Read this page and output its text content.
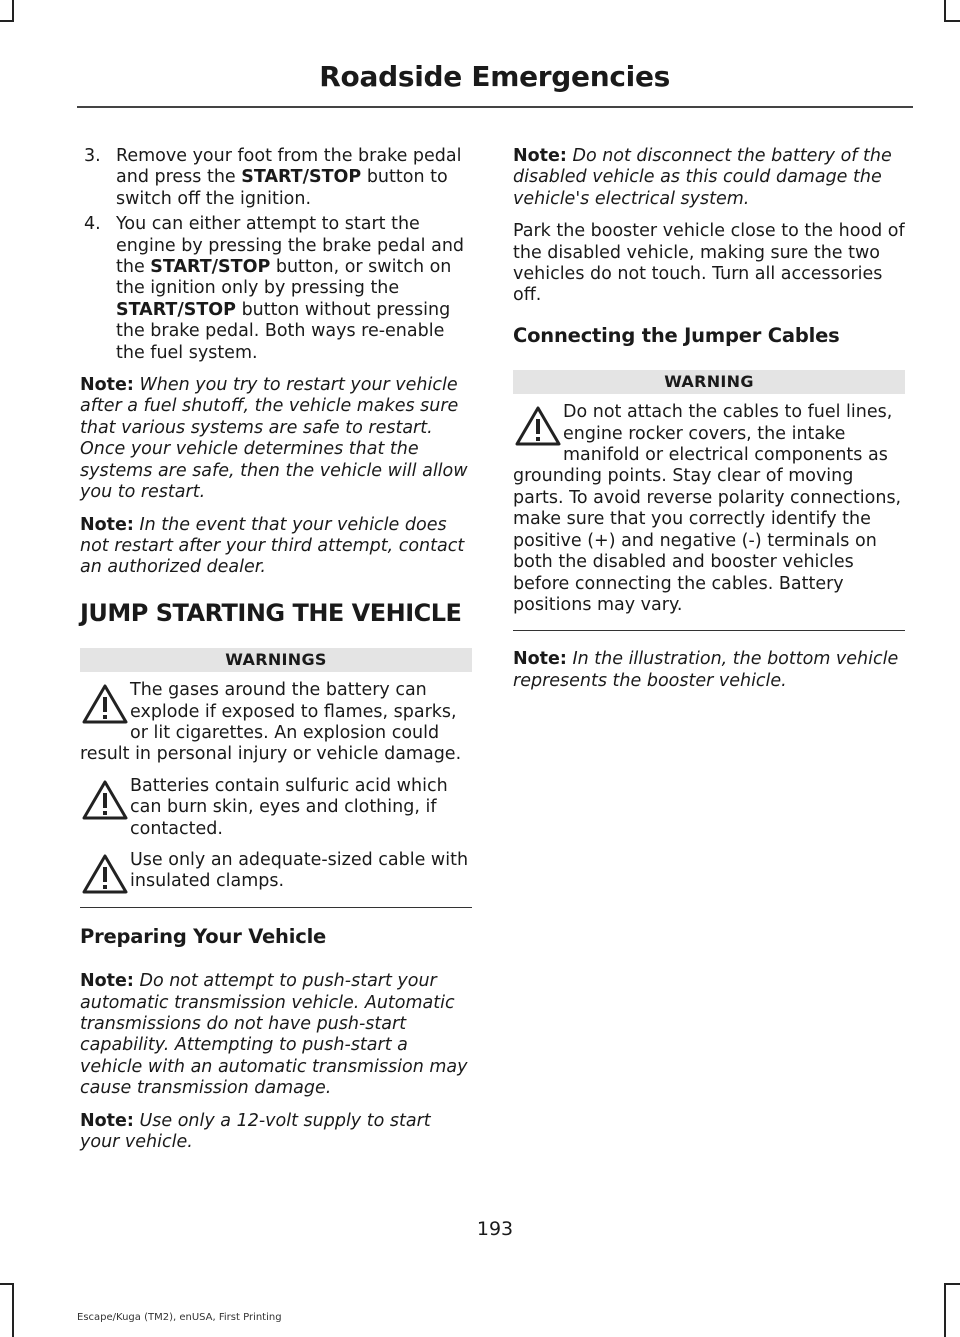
Roadside Emergencies
3. Remove your foot from the brake pedal and press the START/STOP button to switch off the ignition.
4. You can either attempt to start the engine by pressing the brake pedal and the START/STOP button, or switch on the ignition only by pressing the START/STOP button without pressing the brake pedal. Both ways re-enable the fuel system.

Note: When you try to restart your vehicle after a fuel shutoff, the vehicle makes sure that various systems are safe to restart. Once your vehicle determines that the systems are safe, then the vehicle will allow you to restart.

Note: In the event that your vehicle does not restart after your third attempt, contact an authorized dealer.

JUMP STARTING THE VEHICLE
WARNINGS
The gases around the battery can explode if exposed to flames, sparks, or lit cigarettes. An explosion could result in personal injury or vehicle damage.
Batteries contain sulfuric acid which can burn skin, eyes and clothing, if contacted.
Use only an adequate-sized cable with insulated clamps.
Preparing Your Vehicle

Note: Do not attempt to push-start your automatic transmission vehicle. Automatic transmissions do not have push-start capability. Attempting to push-start a vehicle with an automatic transmission may cause transmission damage.

Note: Use only a 12-volt supply to start your vehicle.

Note: Do not disconnect the battery of the disabled vehicle as this could damage the vehicle's electrical system.

Park the booster vehicle close to the hood of the disabled vehicle, making sure the two vehicles do not touch. Turn all accessories off.

Connecting the Jumper Cables
WARNING
Do not attach the cables to fuel lines, engine rocker covers, the intake manifold or electrical components as grounding points. Stay clear of moving parts. To avoid reverse polarity connections, make sure that you correctly identify the positive (+) and negative (-) terminals on both the disabled and booster vehicles before connecting the cables. Battery positions may vary.

Note: In the illustration, the bottom vehicle represents the booster vehicle.

193
Escape/Kuga (TM2), enUSA, First Printing
